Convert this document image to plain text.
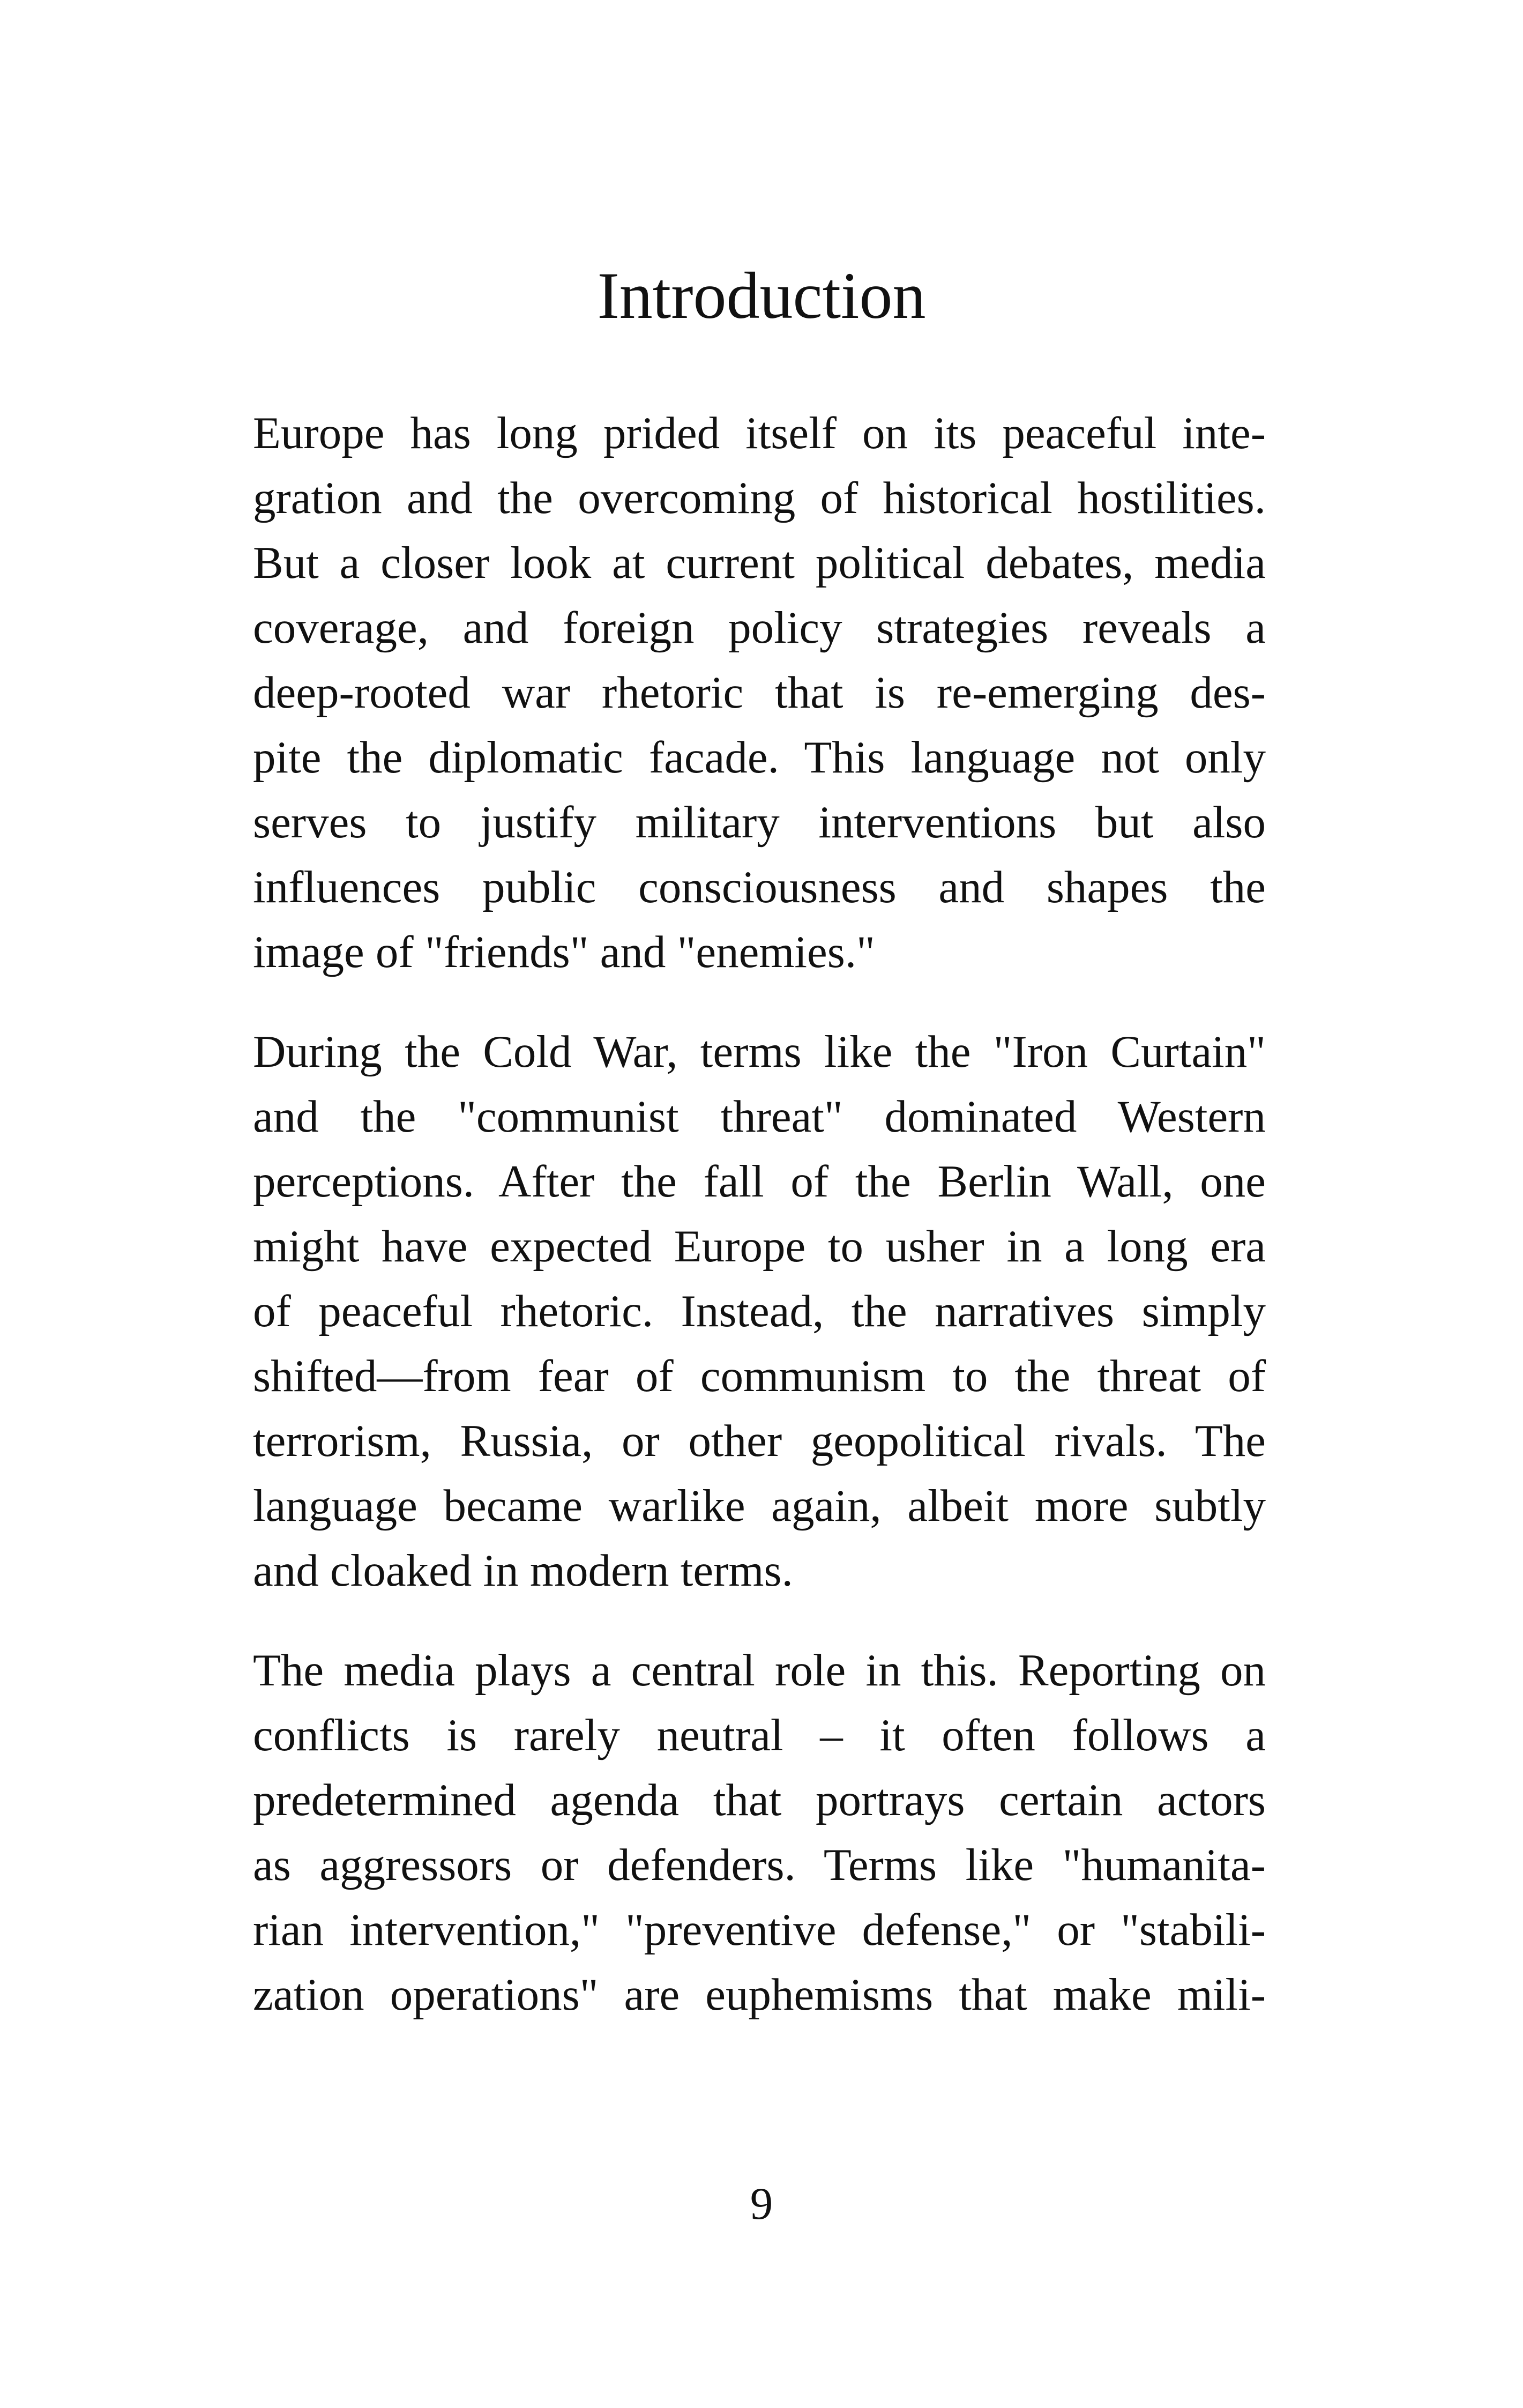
Introduction

Europe has long prided itself on its peaceful inte-
gration and the overcoming of historical hostilities.
But a closer look at current political debates, media
coverage, and foreign policy strategies reveals a
deep-rooted war rhetoric that is re-emerging des-
pite the diplomatic facade. This language not only
serves to justify military interventions but also
influences public consciousness and shapes the
image of "friends" and "enemies."

During the Cold War, terms like the "Iron Curtain"
and the "communist threat" dominated Western
perceptions. After the fall of the Berlin Wall, one
might have expected Europe to usher in a long era
of peaceful rhetoric. Instead, the narratives simply
shifted—from fear of communism to the threat of
terrorism, Russia, or other geopolitical rivals. The
language became warlike again, albeit more subtly
and cloaked in modern terms.

The media plays a central role in this. Reporting on
conflicts is rarely neutral – it often follows a
predetermined agenda that portrays certain actors
as aggressors or defenders. Terms like "humanita-
rian intervention," "preventive defense," or "stabili-
zation operations" are euphemisms that make mili-

9
